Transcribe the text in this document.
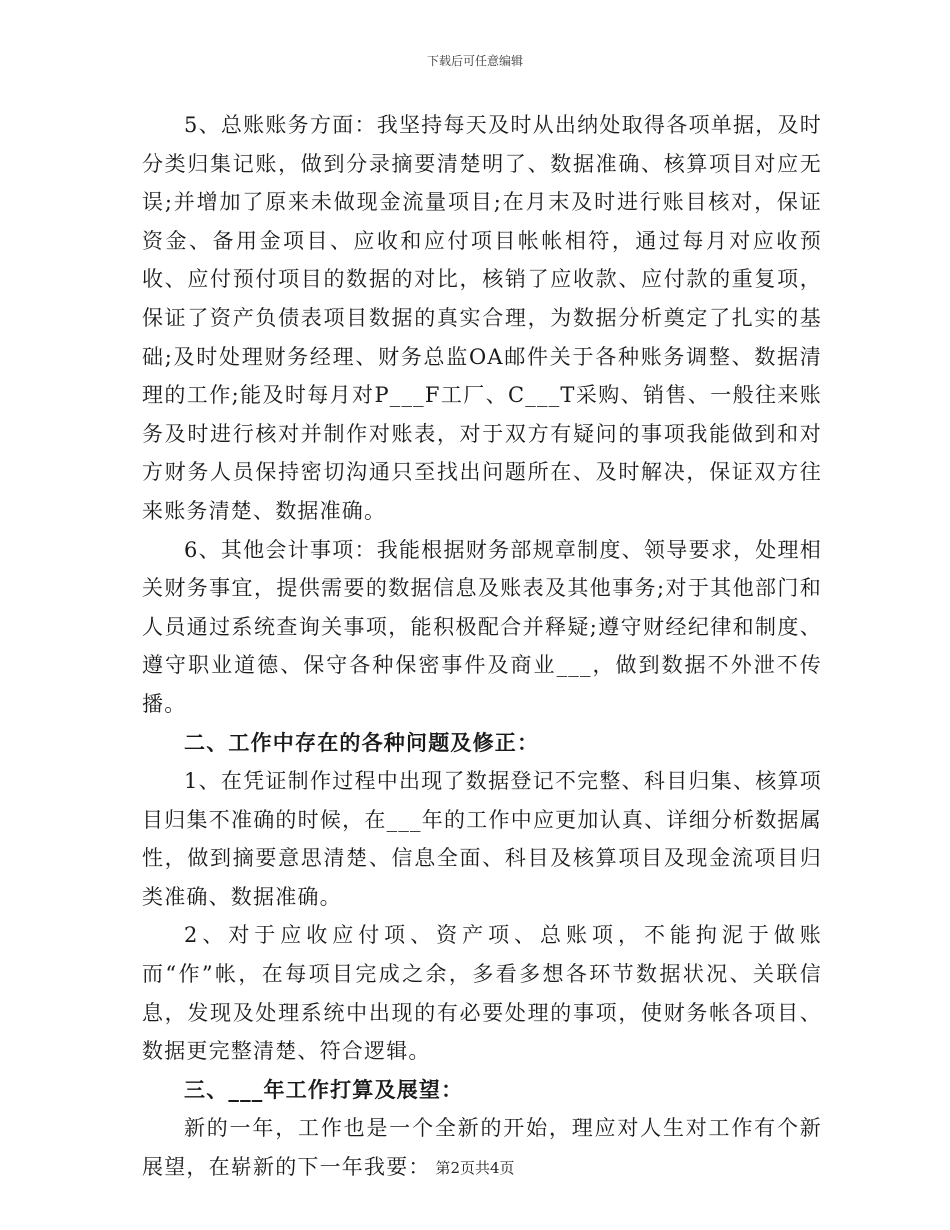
下载后可任意编辑

5、总账账务方面：我坚持每天及时从出纳处取得各项单据，及时分类归集记账，做到分录摘要清楚明了、数据准确、核算项目对应无误;并增加了原来未做现金流量项目;在月末及时进行账目核对，保证资金、备用金项目、应收和应付项目帐帐相符，通过每月对应收预收、应付预付项目的数据的对比，核销了应收款、应付款的重复项，保证了资产负债表项目数据的真实合理，为数据分析奠定了扎实的基础;及时处理财务经理、财务总监OA邮件关于各种账务调整、数据清理的工作;能及时每月对P___F工厂、C___T采购、销售、一般往来账务及时进行核对并制作对账表，对于双方有疑问的事项我能做到和对方财务人员保持密切沟通只至找出问题所在、及时解决，保证双方往来账务清楚、数据准确。

6、其他会计事项：我能根据财务部规章制度、领导要求，处理相关财务事宜，提供需要的数据信息及账表及其他事务;对于其他部门和人员通过系统查询关事项，能积极配合并释疑;遵守财经纪律和制度、遵守职业道德、保守各种保密事件及商业___，做到数据不外泄不传播。

二、工作中存在的各种问题及修正：

1、在凭证制作过程中出现了数据登记不完整、科目归集、核算项目归集不准确的时候，在___年的工作中应更加认真、详细分析数据属性，做到摘要意思清楚、信息全面、科目及核算项目及现金流项目归类准确、数据准确。

2、对于应收应付项、资产项、总账项，不能拘泥于做账而“作”帐，在每项目完成之余，多看多想各环节数据状况、关联信息，发现及处理系统中出现的有必要处理的事项，使财务帐各项目、数据更完整清楚、符合逻辑。

三、___年工作打算及展望：

新的一年，工作也是一个全新的开始，理应对人生对工作有个新展望，在崭新的下一年我要： 第2页共4页
